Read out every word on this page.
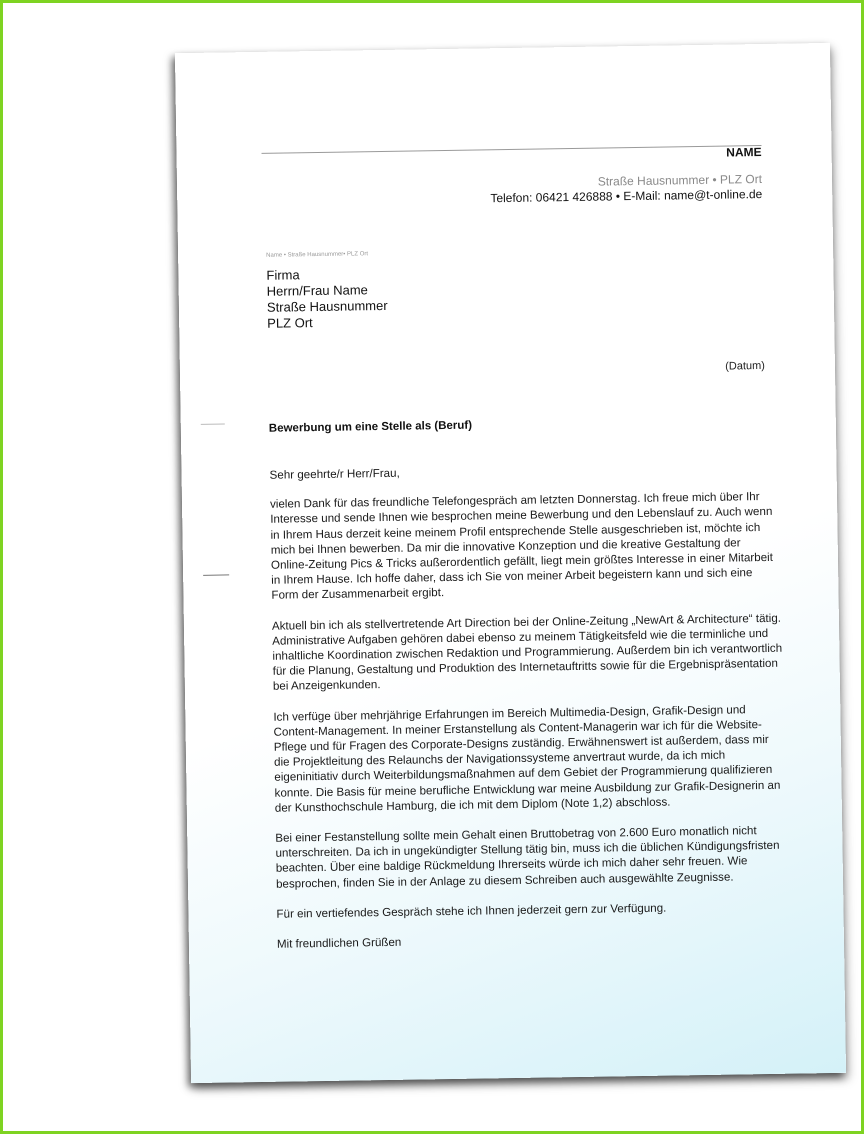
NAME
Straße Hausnummer • PLZ Ort
Telefon: 06421 426888 • E-Mail: name@t-online.de
Name • Straße Hausnummer• PLZ Ort
Firma
Herrn/Frau Name
Straße Hausnummer
PLZ Ort
(Datum)
Bewerbung um eine Stelle als (Beruf)

Sehr geehrte/r Herr/Frau,

vielen Dank für das freundliche Telefongespräch am letzten Donnerstag. Ich freue mich über Ihr Interesse und sende Ihnen wie besprochen meine Bewerbung und den Lebenslauf zu. Auch wenn in Ihrem Haus derzeit keine meinem Profil entsprechende Stelle ausgeschrieben ist, möchte ich mich bei Ihnen bewerben. Da mir die innovative Konzeption und die kreative Gestaltung der Online-Zeitung Pics & Tricks außerordentlich gefällt, liegt mein größtes Interesse in einer Mitarbeit in Ihrem Hause. Ich hoffe daher, dass ich Sie von meiner Arbeit begeistern kann und sich eine Form der Zusammenarbeit ergibt.

Aktuell bin ich als stellvertretende Art Direction bei der Online-Zeitung „NewArt & Architecture“ tätig. Administrative Aufgaben gehören dabei ebenso zu meinem Tätigkeitsfeld wie die terminliche und inhaltliche Koordination zwischen Redaktion und Programmierung. Außerdem bin ich verantwortlich für die Planung, Gestaltung und Produktion des Internetauftritts sowie für die Ergebnispräsentation bei Anzeigenkunden.

Ich verfüge über mehrjährige Erfahrungen im Bereich Multimedia-Design, Grafik-Design und Content-Management. In meiner Erstanstellung als Content-Managerin war ich für die Website-Pflege und für Fragen des Corporate-Designs zuständig. Erwähnenswert ist außerdem, dass mir die Projektleitung des Relaunchs der Navigationssysteme anvertraut wurde, da ich mich eigeninitiativ durch Weiterbildungsmaßnahmen auf dem Gebiet der Programmierung qualifizieren konnte. Die Basis für meine berufliche Entwicklung war meine Ausbildung zur Grafik-Designerin an der Kunsthochschule Hamburg, die ich mit dem Diplom (Note 1,2) abschloss.

Bei einer Festanstellung sollte mein Gehalt einen Bruttobetrag von 2.600 Euro monatlich nicht unterschreiten. Da ich in ungekündigter Stellung tätig bin, muss ich die üblichen Kündigungsfristen beachten. Über eine baldige Rückmeldung Ihrerseits würde ich mich daher sehr freuen. Wie besprochen, finden Sie in der Anlage zu diesem Schreiben auch ausgewählte Zeugnisse.

Für ein vertiefendes Gespräch stehe ich Ihnen jederzeit gern zur Verfügung.

Mit freundlichen Grüßen
